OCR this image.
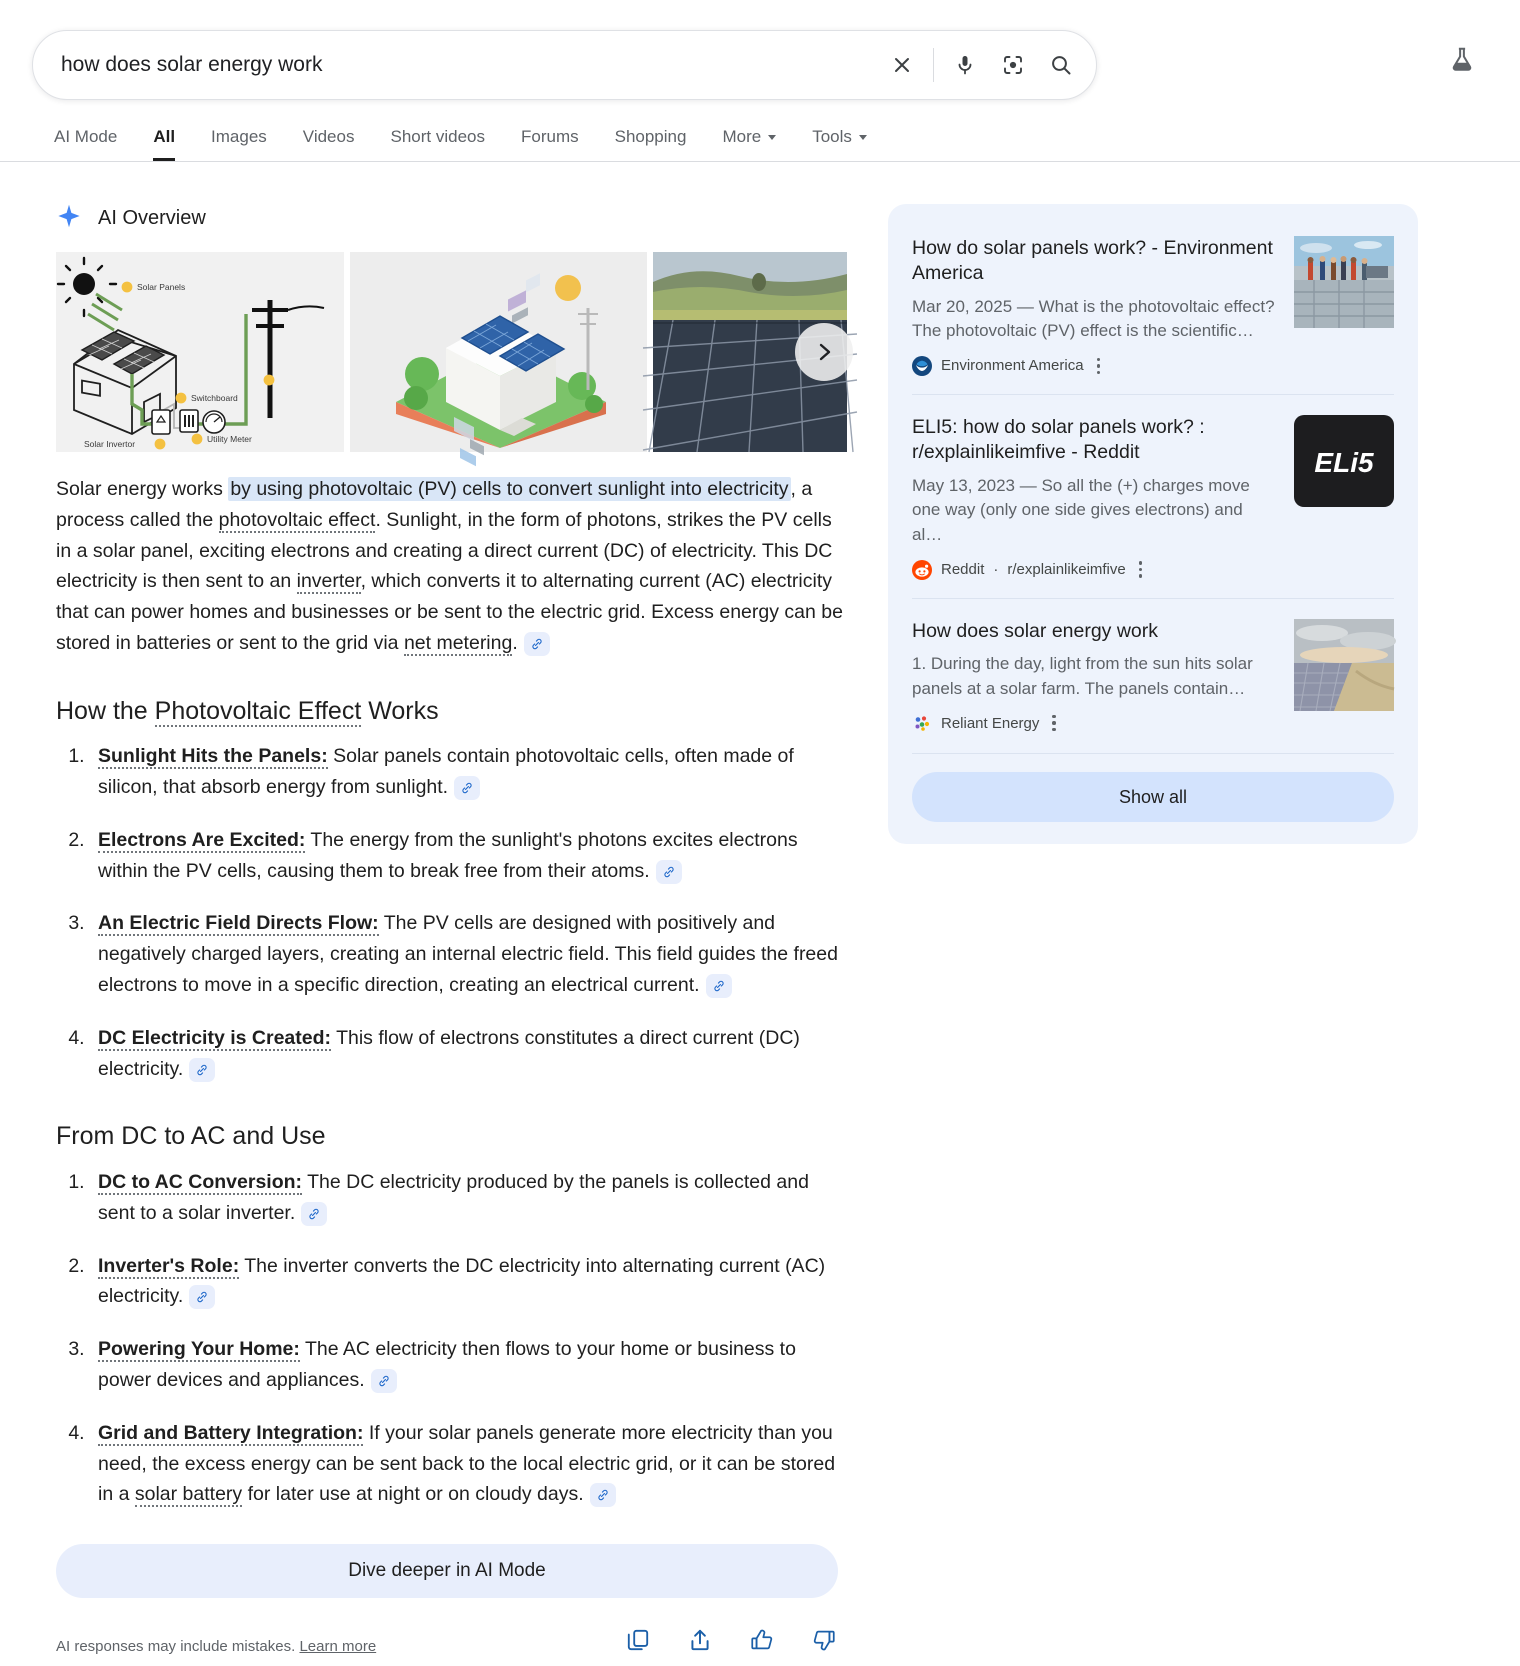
how does solar energy work
AI Mode	All	Images	Videos	Short videos	Forums	Shopping	More	Tools
AI Overview
Solar Panels
Switchboard
Utility Meter
Solar Invertor

Solar energy works by using photovoltaic (PV) cells to convert sunlight into electricity , a process called the photovoltaic effect. Sunlight, in the form of photons, strikes the PV cells in a solar panel, exciting electrons and creating a direct current (DC) of electricity. This DC electricity is then sent to an inverter, which converts it to alternating current (AC) electricity that can power homes and businesses or be sent to the electric grid. Excess energy can be stored in batteries or sent to the grid via net metering.

How the Photovoltaic Effect Works
1. Sunlight Hits the Panels: Solar panels contain photovoltaic cells, often made of silicon, that absorb energy from sunlight.
2. Electrons Are Excited: The energy from the sunlight's photons excites electrons within the PV cells, causing them to break free from their atoms.
3. An Electric Field Directs Flow: The PV cells are designed with positively and negatively charged layers, creating an internal electric field. This field guides the freed electrons to move in a specific direction, creating an electrical current.
4. DC Electricity is Created: This flow of electrons constitutes a direct current (DC) electricity.
From DC to AC and Use
1. DC to AC Conversion: The DC electricity produced by the panels is collected and sent to a solar inverter.
2. Inverter's Role: The inverter converts the DC electricity into alternating current (AC) electricity.
3. Powering Your Home: The AC electricity then flows to your home or business to power devices and appliances.
4. Grid and Battery Integration: If your solar panels generate more electricity than you need, the excess energy can be sent back to the local electric grid, or it can be stored in a solar battery for later use at night or on cloudy days.
Dive deeper in AI Mode
AI responses may include mistakes. Learn more
How do solar panels work? - Environment America
Mar 20, 2025 — What is the photovoltaic effect? The photovoltaic (PV) effect is the scientific…
Environment America
ELI5: how do solar panels work? : r/explainlikeimfive - Reddit
May 13, 2023 — So all the (+) charges move one way (only one side gives electrons) and al…
Reddit · r/explainlikeimfive
ELi5
How does solar energy work
1. During the day, light from the sun hits solar panels at a solar farm. The panels contain…
Reliant Energy
Show all
